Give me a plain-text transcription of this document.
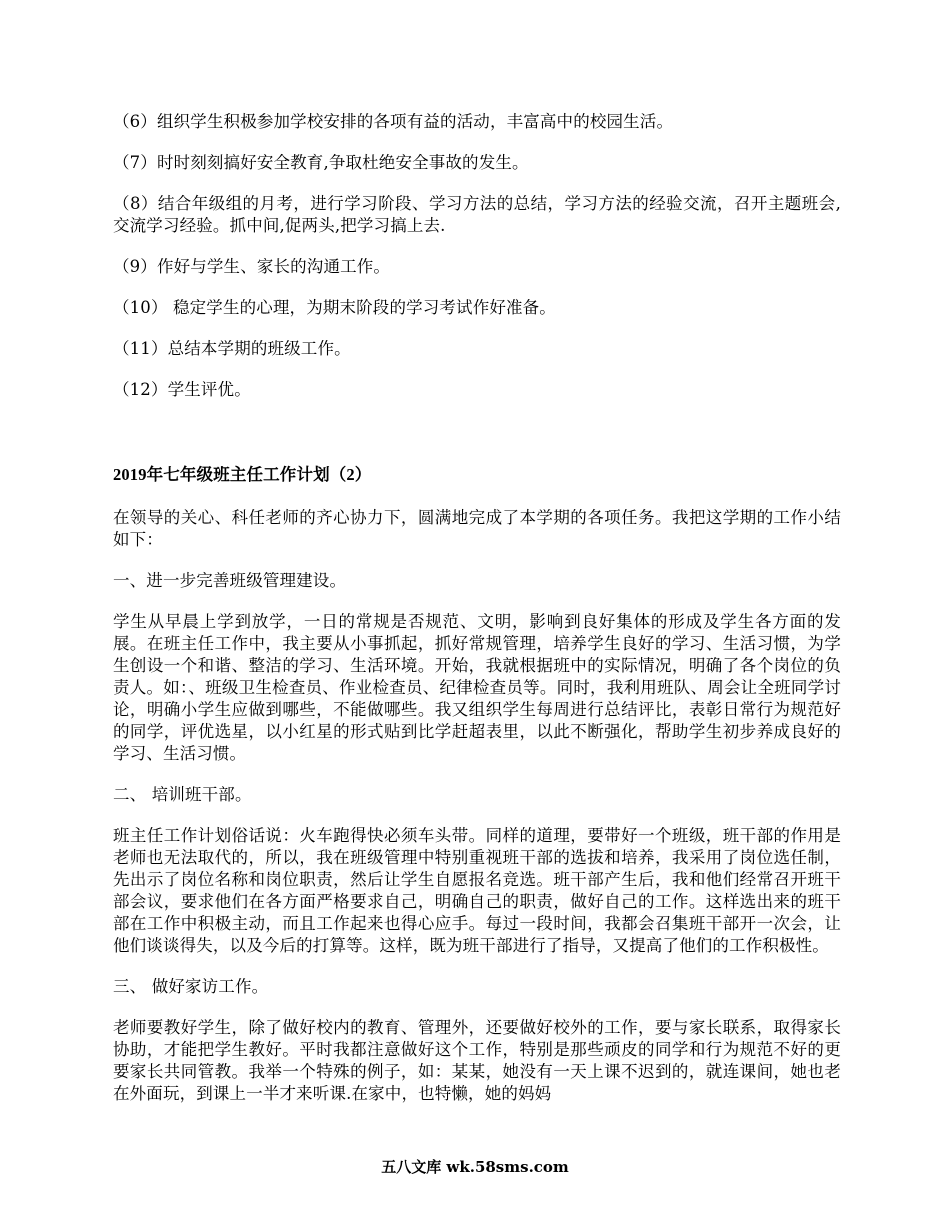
（6）组织学生积极参加学校安排的各项有益的活动，丰富高中的校园生活。

（7）时时刻刻搞好安全教育,争取杜绝安全事故的发生。

（8）结合年级组的月考，进行学习阶段、学习方法的总结，学习方法的经验交流，召开主题班会,交流学习经验。抓中间,促两头,把学习搞上去.

（9）作好与学生、家长的沟通工作。

（10） 稳定学生的心理，为期末阶段的学习考试作好准备。

（11）总结本学期的班级工作。

（12）学生评优。

2019年七年级班主任工作计划（2）

在领导的关心、科任老师的齐心协力下，圆满地完成了本学期的各项任务。我把这学期的工作小结如下：

一、进一步完善班级管理建设。

学生从早晨上学到放学，一日的常规是否规范、文明，影响到良好集体的形成及学生各方面的发展。在班主任工作中，我主要从小事抓起，抓好常规管理，培养学生良好的学习、生活习惯，为学生创设一个和谐、整洁的学习、生活环境。开始，我就根据班中的实际情况，明确了各个岗位的负责人。如：、班级卫生检查员、作业检查员、纪律检查员等。同时，我利用班队、周会让全班同学讨论，明确小学生应做到哪些，不能做哪些。我又组织学生每周进行总结评比，表彰日常行为规范好的同学，评优选星，以小红星的形式贴到比学赶超表里，以此不断强化，帮助学生初步养成良好的学习、生活习惯。

二、 培训班干部。

班主任工作计划俗话说：火车跑得快必须车头带。同样的道理，要带好一个班级，班干部的作用是老师也无法取代的，所以，我在班级管理中特别重视班干部的选拔和培养，我采用了岗位选任制，先出示了岗位名称和岗位职责，然后让学生自愿报名竞选。班干部产生后，我和他们经常召开班干部会议，要求他们在各方面严格要求自己，明确自己的职责，做好自己的工作。这样选出来的班干部在工作中积极主动，而且工作起来也得心应手。每过一段时间，我都会召集班干部开一次会，让他们谈谈得失，以及今后的打算等。这样，既为班干部进行了指导，又提高了他们的工作积极性。

三、 做好家访工作。

老师要教好学生，除了做好校内的教育、管理外，还要做好校外的工作，要与家长联系，取得家长协助，才能把学生教好。平时我都注意做好这个工作，特别是那些顽皮的同学和行为规范不好的更要家长共同管教。我举一个特殊的例子，如：某某，她没有一天上课不迟到的，就连课间，她也老在外面玩，到课上一半才来听课.在家中，也特懒，她的妈妈

五八文库 wk.58sms.com
